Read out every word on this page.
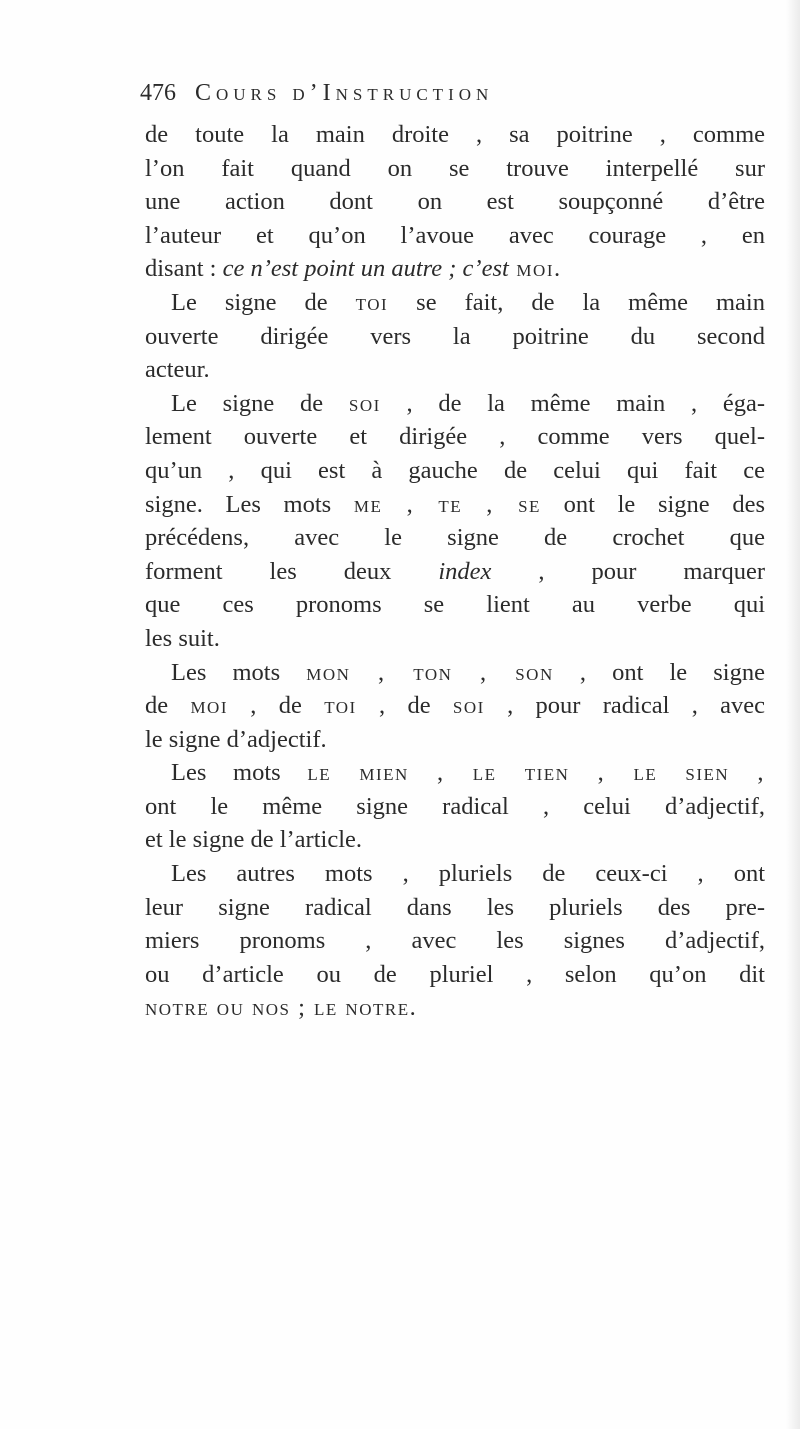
476 Cours d’Instruction
de toute la main droite , sa poitrine , comme
l’on fait quand on se trouve interpellé sur
une action dont on est soupçonné d’être
l’auteur et qu’on l’avoue avec courage , en
disant : ce n’est point un autre ; c’est moi.
Le signe de toi se fait, de la même main
ouverte dirigée vers la poitrine du second
acteur.
Le signe de soi , de la même main , éga-
lement ouverte et dirigée , comme vers quel-
qu’un , qui est à gauche de celui qui fait ce
signe. Les mots me , te , se ont le signe des
précédens, avec le signe de crochet que
forment les deux index , pour marquer
que ces pronoms se lient au verbe qui
les suit.
Les mots mon , ton , son , ont le signe
de moi , de toi , de soi , pour radical , avec
le signe d’adjectif.
Les mots le mien , le tien , le sien ,
ont le même signe radical , celui d’adjectif,
et le signe de l’article.
Les autres mots , pluriels de ceux-ci , ont
leur signe radical dans les pluriels des pre-
miers pronoms , avec les signes d’adjectif,
ou d’article ou de pluriel , selon qu’on dit
notre ou nos ; le notre.
